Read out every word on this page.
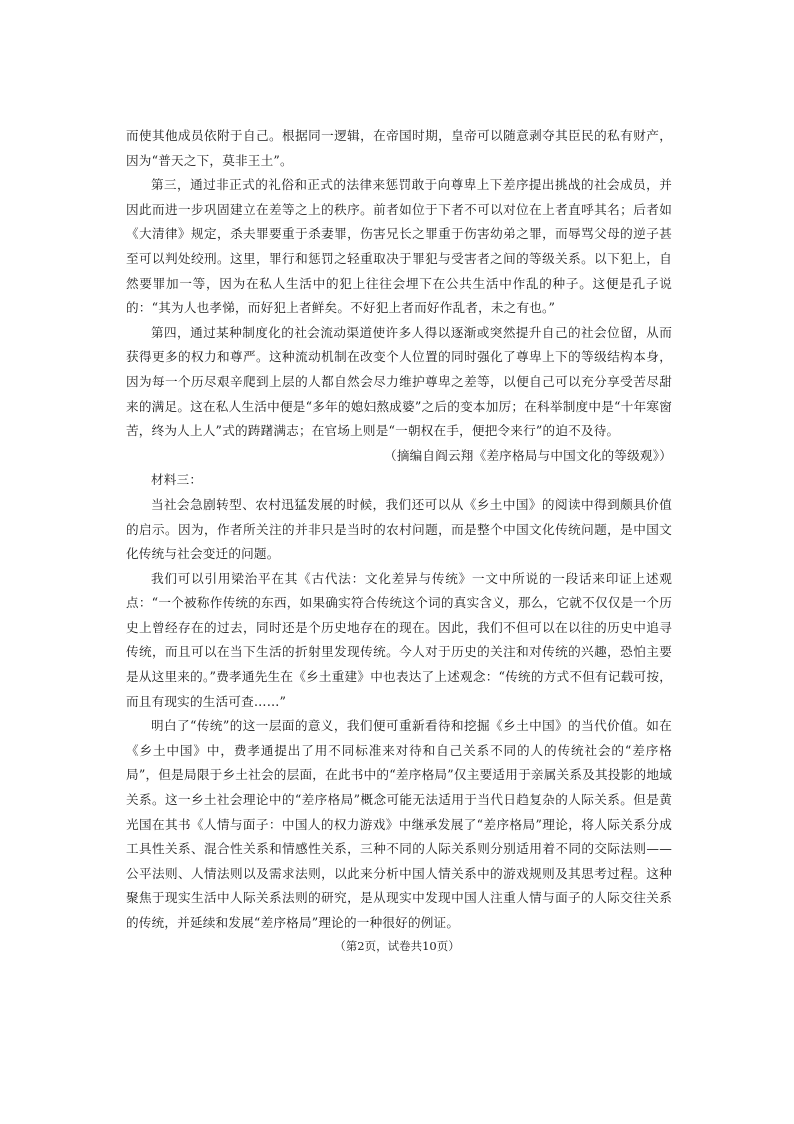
而使其他成员依附于自己。根据同一逻辑，在帝国时期，皇帝可以随意剥夺其臣民的私有财产，因为“普天之下，莫非王土”。

第三，通过非正式的礼俗和正式的法律来惩罚敢于向尊卑上下差序提出挑战的社会成员，并因此而进一步巩固建立在差等之上的秩序。前者如位于下者不可以对位在上者直呼其名；后者如《大清律》规定，杀夫罪要重于杀妻罪，伤害兄长之罪重于伤害幼弟之罪，而辱骂父母的逆子甚至可以判处绞刑。这里，罪行和惩罚之轻重取决于罪犯与受害者之间的等级关系。以下犯上，自然要罪加一等，因为在私人生活中的犯上往往会埋下在公共生活中作乱的种子。这便是孔子说的：“其为人也孝悌，而好犯上者鲜矣。不好犯上者而好作乱者，未之有也。”

第四，通过某种制度化的社会流动渠道使许多人得以逐渐或突然提升自己的社会位留，从而获得更多的权力和尊严。这种流动机制在改变个人位置的同时强化了尊卑上下的等级结构本身，因为每一个历尽艰辛爬到上层的人都自然会尽力维护尊卑之差等，以便自己可以充分享受苦尽甜来的满足。这在私人生活中便是“多年的媳妇熬成婆”之后的变本加厉；在科举制度中是“十年寒窗苦，终为人上人”式的踌躇满志；在官场上则是“一朝权在手，便把令来行”的迫不及待。

（摘编自阎云翔《差序格局与中国文化的等级观》）

材料三：

当社会急剧转型、农村迅猛发展的时候，我们还可以从《乡土中国》的阅读中得到颇具价值的启示。因为，作者所关注的并非只是当时的农村问题，而是整个中国文化传统问题，是中国文化传统与社会变迁的问题。

我们可以引用梁治平在其《古代法：文化差异与传统》一文中所说的一段话来印证上述观点：“一个被称作传统的东西，如果确实符合传统这个词的真实含义，那么，它就不仅仅是一个历史上曾经存在的过去，同时还是个历史地存在的现在。因此，我们不但可以在以往的历史中追寻传统，而且可以在当下生活的折射里发现传统。今人对于历史的关注和对传统的兴趣，恐怕主要是从这里来的。”费孝通先生在《乡土重建》中也表达了上述观念：“传统的方式不但有记载可按，而且有现实的生活可查……”

明白了“传统”的这一层面的意义，我们便可重新看待和挖掘《乡土中国》的当代价值。如在《乡土中国》中，费孝通提出了用不同标准来对待和自己关系不同的人的传统社会的“差序格局”，但是局限于乡土社会的层面，在此书中的“差序格局”仅主要适用于亲属关系及其投影的地域关系。这一乡土社会理论中的“差序格局”概念可能无法适用于当代日趋复杂的人际关系。但是黄光国在其书《人情与面子：中国人的权力游戏》中继承发展了“差序格局”理论，将人际关系分成工具性关系、混合性关系和情感性关系，三种不同的人际关系则分别适用着不同的交际法则——公平法则、人情法则以及需求法则，以此来分析中国人情关系中的游戏规则及其思考过程。这种聚焦于现实生活中人际关系法则的研究，是从现实中发现中国人注重人情与面子的人际交往关系的传统，并延续和发展“差序格局”理论的一种很好的例证。

（第2页，试卷共10页）
